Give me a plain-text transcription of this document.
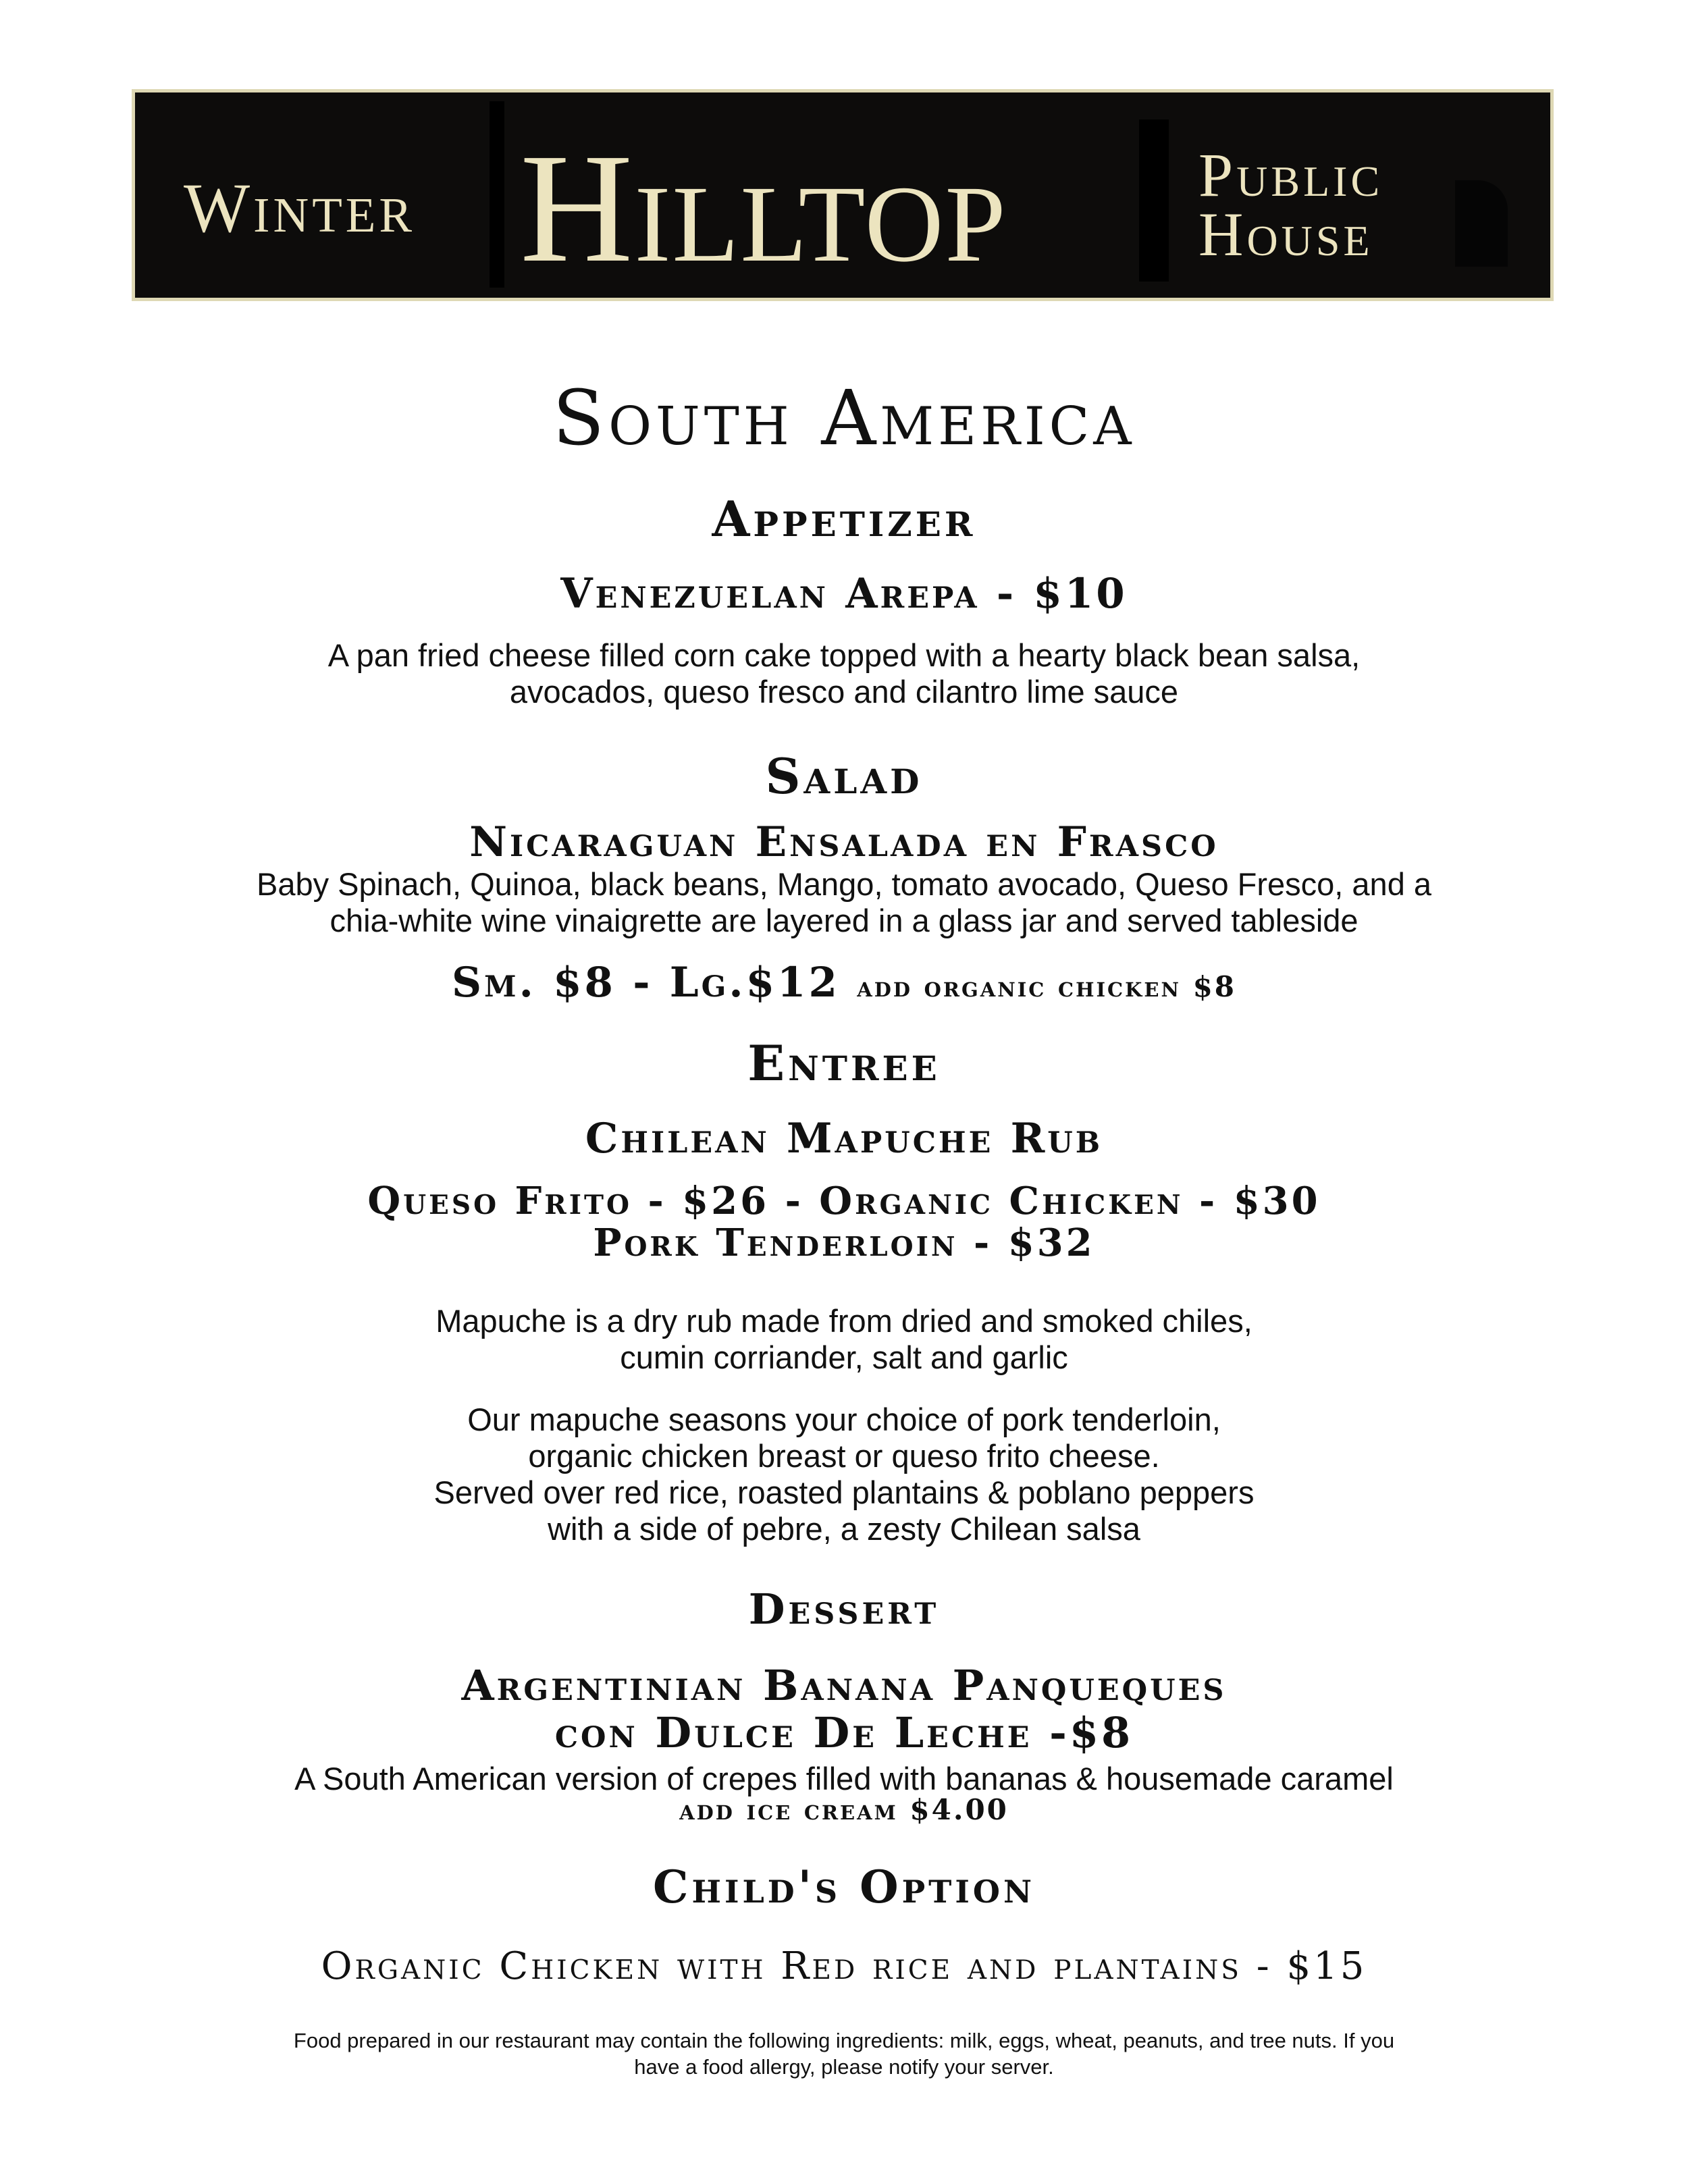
Winter Hilltop	Public
House
South America
Appetizer
Venezuelan Arepa - $10
A pan fried cheese filled corn cake topped with a hearty black bean salsa,
avocados, queso fresco and cilantro lime sauce
Salad
Nicaraguan Ensalada en Frasco
Baby Spinach, Quinoa, black beans, Mango, tomato avocado, Queso Fresco, and a
chia-white wine vinaigrette are layered in a glass jar and served tableside
Sm. $8 - Lg.$12 add organic chicken $8
Entree
Chilean Mapuche Rub
Queso Frito - $26 - Organic Chicken - $30
Pork Tenderloin - $32
Mapuche is a dry rub made from dried and smoked chiles,
cumin corriander, salt and garlic
Our mapuche seasons your choice of pork tenderloin,
organic chicken breast or queso frito cheese.
Served over red rice, roasted plantains & poblano peppers
with a side of pebre, a zesty Chilean salsa
Dessert
Argentinian Banana Panqueques
con Dulce De Leche -$8
A South American version of crepes filled with bananas & housemade caramel
add ice cream $4.00
Child's Option
Organic Chicken with Red rice and plantains - $15
Food prepared in our restaurant may contain the following ingredients: milk, eggs, wheat, peanuts, and tree nuts. If you
have a food allergy, please notify your server.
